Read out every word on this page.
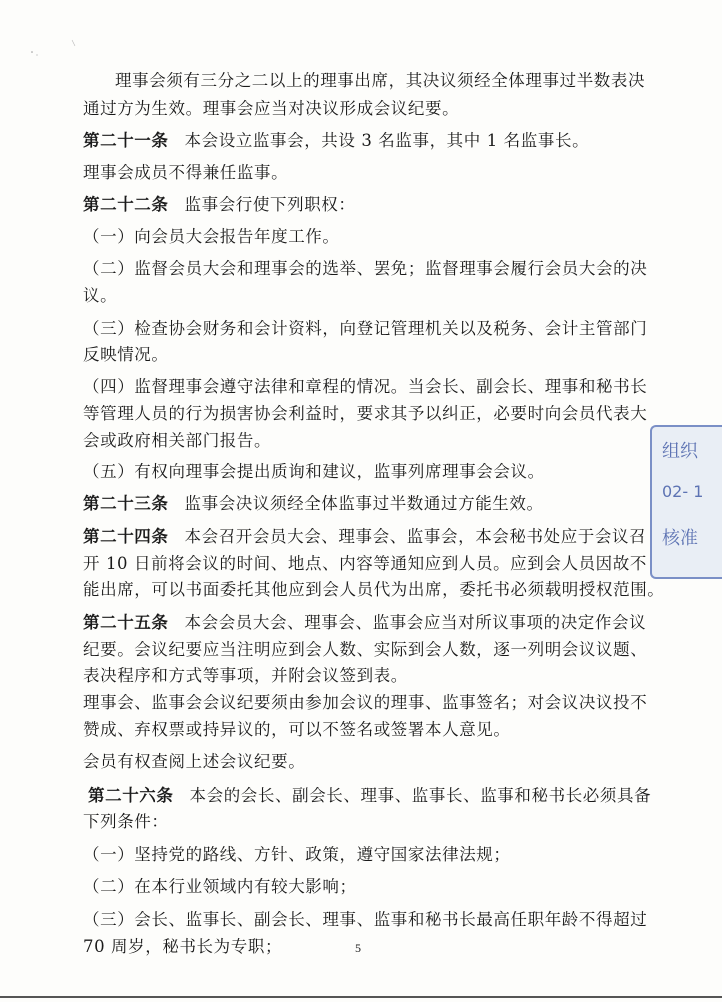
理事会须有三分之二以上的理事出席，其决议须经全体理事过半数表决
通过方为生效。理事会应当对决议形成会议纪要。
第二十一条 本会设立监事会，共设 3 名监事，其中 1 名监事长。
理事会成员不得兼任监事。
第二十二条 监事会行使下列职权：
（一）向会员大会报告年度工作。
（二）监督会员大会和理事会的选举、罢免；监督理事会履行会员大会的决
议。
（三）检查协会财务和会计资料，向登记管理机关以及税务、会计主管部门
反映情况。
（四）监督理事会遵守法律和章程的情况。当会长、副会长、理事和秘书长
等管理人员的行为损害协会利益时，要求其予以纠正，必要时向会员代表大
会或政府相关部门报告。
（五）有权向理事会提出质询和建议，监事列席理事会会议。
第二十三条 监事会决议须经全体监事过半数通过方能生效。
第二十四条 本会召开会员大会、理事会、监事会，本会秘书处应于会议召
开 10 日前将会议的时间、地点、内容等通知应到人员。应到会人员因故不
能出席，可以书面委托其他应到会人员代为出席，委托书必须载明授权范围。
第二十五条 本会会员大会、理事会、监事会应当对所议事项的决定作会议
纪要。会议纪要应当注明应到会人数、实际到会人数，逐一列明会议议题、
表决程序和方式等事项，并附会议签到表。
理事会、监事会会议纪要须由参加会议的理事、监事签名；对会议决议投不
赞成、弃权票或持异议的，可以不签名或签署本人意见。
会员有权查阅上述会议纪要。
第二十六条 本会的会长、副会长、理事、监事长、监事和秘书长必须具备
下列条件：
（一）坚持党的路线、方针、政策，遵守国家法律法规；
（二）在本行业领域内有较大影响；
（三）会长、监事长、副会长、理事、监事和秘书长最高任职年龄不得超过
70 周岁，秘书长为专职；	5
组织
02- 1
核准
